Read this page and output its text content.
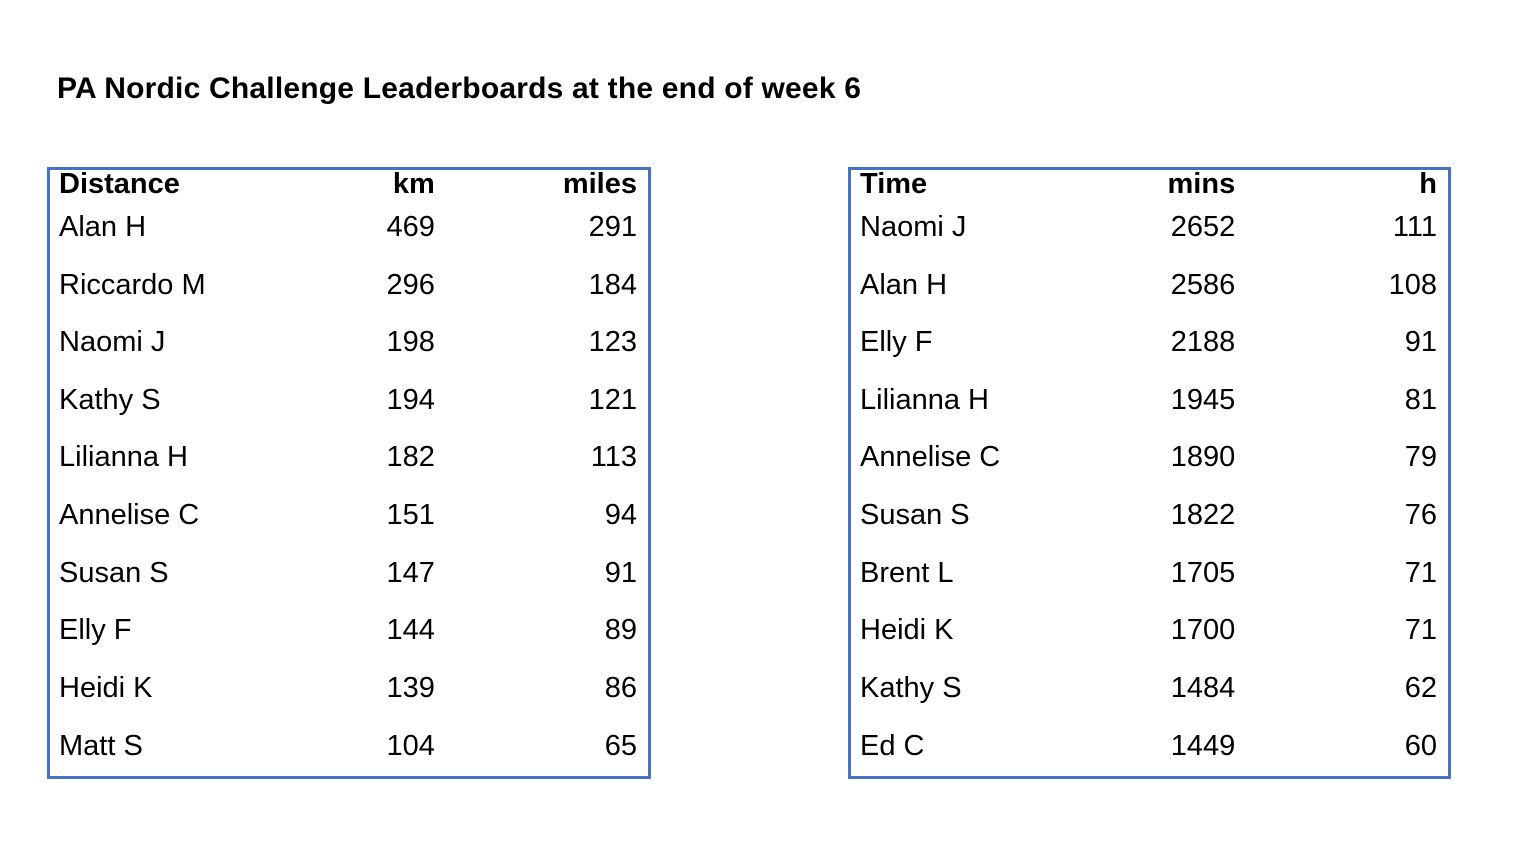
PA Nordic Challenge Leaderboards at the end of week 6
Distance	km	miles
Alan H	469	291
Riccardo M	296	184
Naomi J	198	123
Kathy S	194	121
Lilianna H	182	113
Annelise C	151	94
Susan S	147	91
Elly F	144	89
Heidi K	139	86
Matt S	104	65
Time	mins	h
Naomi J	2652	111
Alan H	2586	108
Elly F	2188	91
Lilianna H	1945	81
Annelise C	1890	79
Susan S	1822	76
Brent L	1705	71
Heidi K	1700	71
Kathy S	1484	62
Ed C	1449	60
